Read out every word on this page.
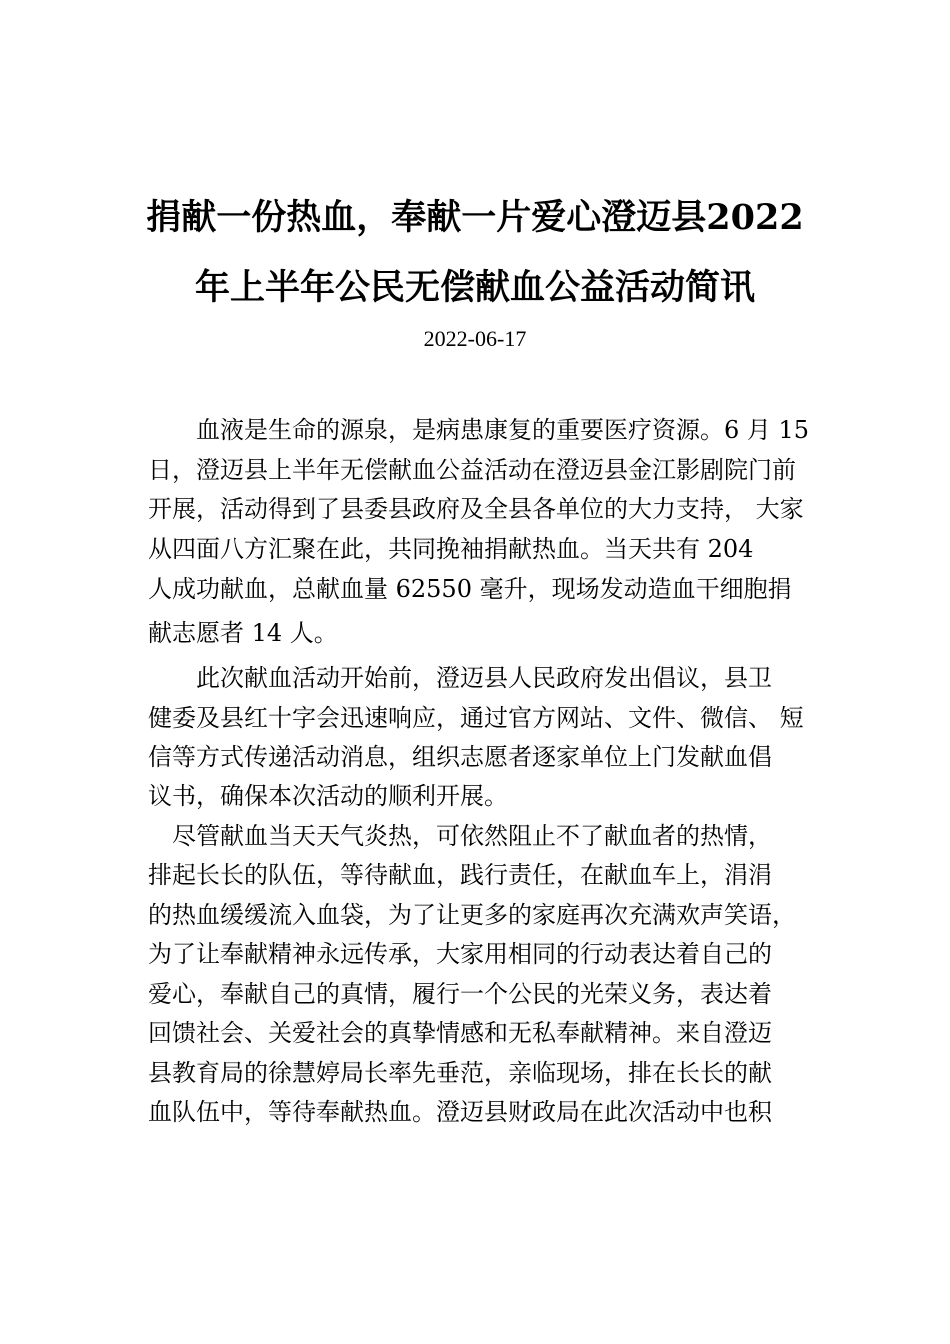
捐献一份热血，奉献一片爱心澄迈县2022
年上半年公民无偿献血公益活动简讯
2022-06-17
　　血液是生命的源泉，是病患康复的重要医疗资源。6 月 15
日，澄迈县上半年无偿献血公益活动在澄迈县金江影剧院门前
开展，活动得到了县委县政府及全县各单位的大力支持， 大家
从四面八方汇聚在此，共同挽袖捐献热血。当天共有 204
人成功献血，总献血量 62550 毫升，现场发动造血干细胞捐
献志愿者 14 人。
　　此次献血活动开始前，澄迈县人民政府发出倡议，县卫
健委及县红十字会迅速响应，通过官方网站、文件、微信、 短
信等方式传递活动消息，组织志愿者逐家单位上门发献血倡
议书，确保本次活动的顺利开展。
　尽管献血当天天气炎热，可依然阻止不了献血者的热情，
排起长长的队伍，等待献血，践行责任，在献血车上，涓涓
的热血缓缓流入血袋，为了让更多的家庭再次充满欢声笑语，
为了让奉献精神永远传承，大家用相同的行动表达着自己的
爱心，奉献自己的真情，履行一个公民的光荣义务，表达着
回馈社会、关爱社会的真挚情感和无私奉献精神。来自澄迈
县教育局的徐慧婷局长率先垂范，亲临现场，排在长长的献
血队伍中，等待奉献热血。澄迈县财政局在此次活动中也积
